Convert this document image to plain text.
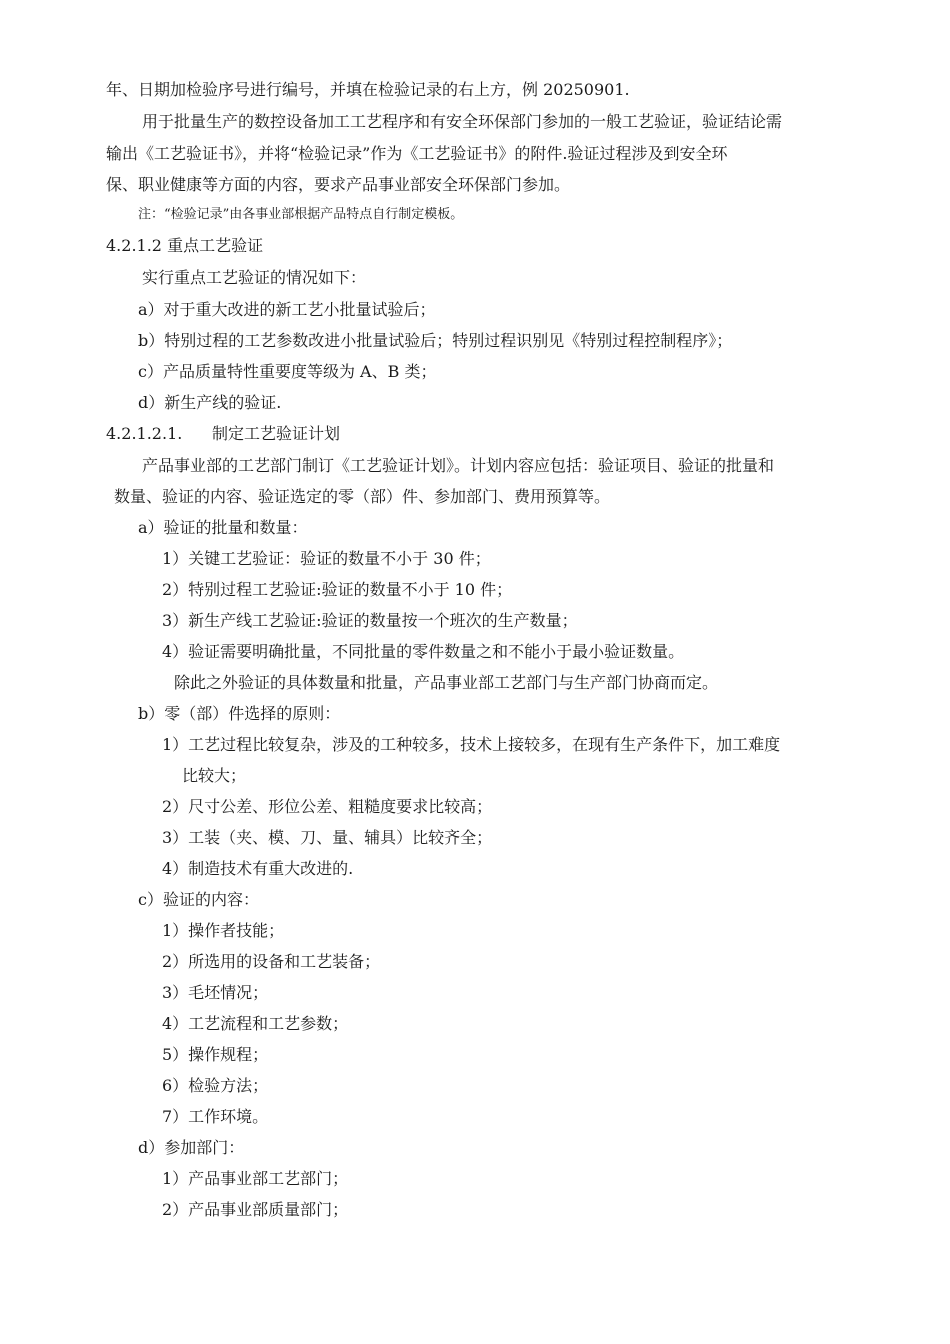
年、日期加检验序号进行编号，并填在检验记录的右上方，例 20250901.
用于批量生产的数控设备加工工艺程序和有安全环保部门参加的一般工艺验证，验证结论需
输出《工艺验证书》，并将“检验记录”作为《工艺验证书》的附件.验证过程涉及到安全环
保、职业健康等方面的内容，要求产品事业部安全环保部门参加。
注：“检验记录”由各事业部根据产品特点自行制定模板。
4.2.1.2 重点工艺验证
实行重点工艺验证的情况如下：
a）对于重大改进的新工艺小批量试验后；
b）特别过程的工艺参数改进小批量试验后；特别过程识别见《特别过程控制程序》；
c）产品质量特性重要度等级为 A、B 类；
d）新生产线的验证.
4.2.1.2.1. 制定工艺验证计划
产品事业部的工艺部门制订《工艺验证计划》。计划内容应包括：验证项目、验证的批量和
数量、验证的内容、验证选定的零（部）件、参加部门、费用预算等。
a）验证的批量和数量：
1）关键工艺验证：验证的数量不小于 30 件；
2）特别过程工艺验证:验证的数量不小于 10 件；
3）新生产线工艺验证:验证的数量按一个班次的生产数量；
4）验证需要明确批量，不同批量的零件数量之和不能小于最小验证数量。
除此之外验证的具体数量和批量，产品事业部工艺部门与生产部门协商而定。
b）零（部）件选择的原则：
1）工艺过程比较复杂，涉及的工种较多，技术上接较多，在现有生产条件下，加工难度
比较大；
2）尺寸公差、形位公差、粗糙度要求比较高；
3）工装（夹、模、刀、量、辅具）比较齐全；
4）制造技术有重大改进的.
c）验证的内容：
1）操作者技能；
2）所选用的设备和工艺装备；
3）毛坯情况；
4）工艺流程和工艺参数；
5）操作规程；
6）检验方法；
7）工作环境。
d）参加部门：
1）产品事业部工艺部门；
2）产品事业部质量部门；
